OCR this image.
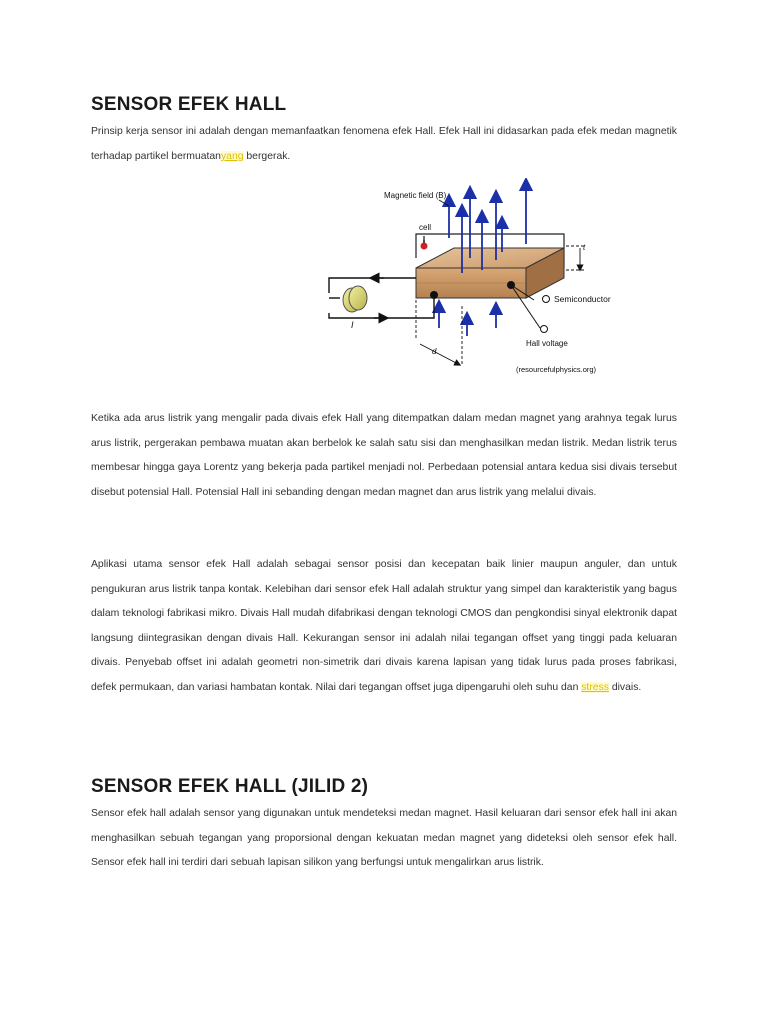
SENSOR EFEK HALL

Prinsip kerja sensor ini adalah dengan memanfaatkan fenomena efek Hall. Efek Hall ini didasarkan pada efek medan magnetik terhadap partikel bermuatanyang bergerak.

I
cell
Magnetic field (B)
t
d
Semiconductor
Hall voltage
(resourcefulphysics.org)

Ketika ada arus listrik yang mengalir pada divais efek Hall yang ditempatkan dalam medan magnet yang arahnya tegak lurus arus listrik, pergerakan pembawa muatan akan berbelok ke salah satu sisi dan menghasilkan medan listrik. Medan listrik terus membesar hingga gaya Lorentz yang bekerja pada partikel menjadi nol. Perbedaan potensial antara kedua sisi divais tersebut disebut potensial Hall. Potensial Hall ini sebanding dengan medan magnet dan arus listrik yang melalui divais.

Aplikasi utama sensor efek Hall adalah sebagai sensor posisi dan kecepatan baik linier maupun anguler, dan untuk pengukuran arus listrik tanpa kontak. Kelebihan dari sensor efek Hall adalah struktur yang simpel dan karakteristik yang bagus dalam teknologi fabrikasi mikro. Divais Hall mudah difabrikasi dengan teknologi CMOS dan pengkondisi sinyal elektronik dapat langsung diintegrasikan dengan divais Hall. Kekurangan sensor ini adalah nilai tegangan offset yang tinggi pada keluaran divais. Penyebab offset ini adalah geometri non-simetrik dari divais karena lapisan yang tidak lurus pada proses fabrikasi, defek permukaan, dan variasi hambatan kontak. Nilai dari tegangan offset juga dipengaruhi oleh suhu dan stress divais.

SENSOR EFEK HALL (JILID 2)

Sensor efek hall adalah sensor yang digunakan untuk mendeteksi medan magnet. Hasil keluaran dari sensor efek hall ini akan menghasilkan sebuah tegangan yang proporsional dengan kekuatan medan magnet yang dideteksi oleh sensor efek hall. Sensor efek hall ini terdiri dari sebuah lapisan silikon yang berfungsi untuk mengalirkan arus listrik.
